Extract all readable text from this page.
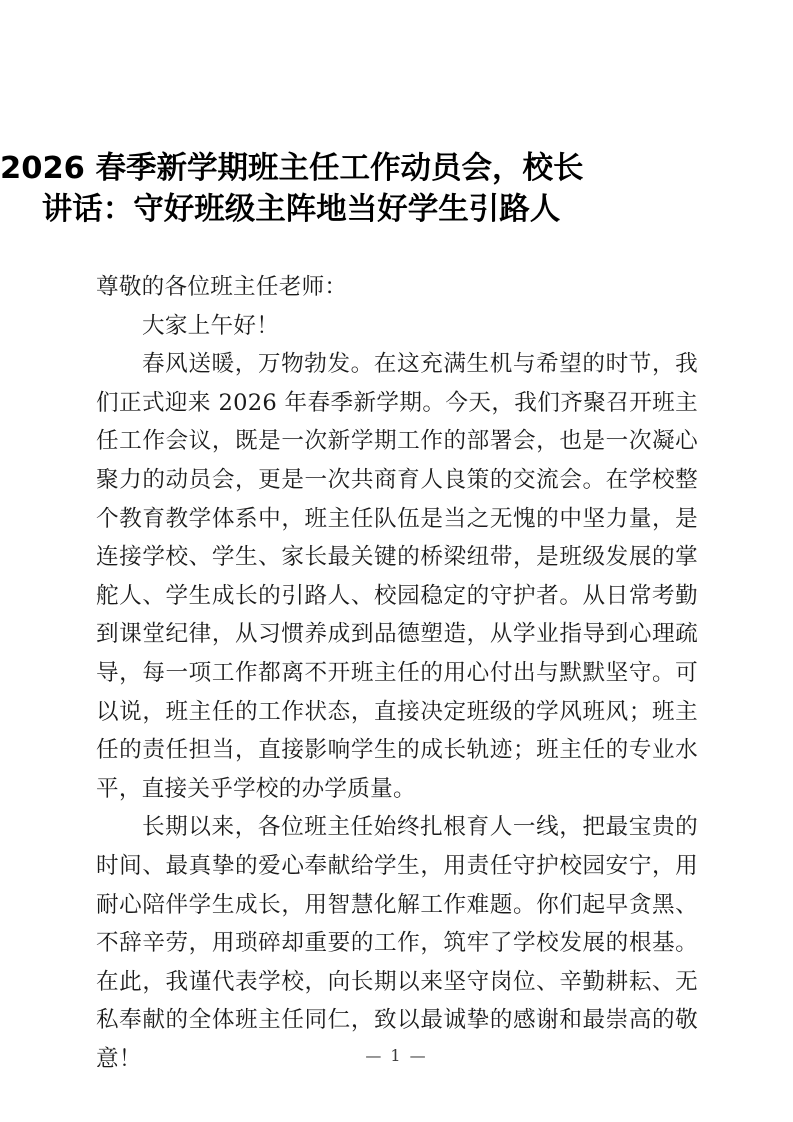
2026 春季新学期班主任工作动员会，校长
讲话：守好班级主阵地当好学生引路人

尊敬的各位班主任老师：

大家上午好！

春风送暖，万物勃发。在这充满生机与希望的时节，我们正式迎来 2026 年春季新学期。今天，我们齐聚召开班主任工作会议，既是一次新学期工作的部署会，也是一次凝心聚力的动员会，更是一次共商育人良策的交流会。在学校整个教育教学体系中，班主任队伍是当之无愧的中坚力量，是连接学校、学生、家长最关键的桥梁纽带，是班级发展的掌舵人、学生成长的引路人、校园稳定的守护者。从日常考勤到课堂纪律，从习惯养成到品德塑造，从学业指导到心理疏导，每一项工作都离不开班主任的用心付出与默默坚守。可以说，班主任的工作状态，直接决定班级的学风班风；班主任的责任担当，直接影响学生的成长轨迹；班主任的专业水平，直接关乎学校的办学质量。

长期以来，各位班主任始终扎根育人一线，把最宝贵的时间、最真挚的爱心奉献给学生，用责任守护校园安宁，用耐心陪伴学生成长，用智慧化解工作难题。你们起早贪黑、不辞辛劳，用琐碎却重要的工作，筑牢了学校发展的根基。在此，我谨代表学校，向长期以来坚守岗位、辛勤耕耘、无私奉献的全体班主任同仁，致以最诚挚的感谢和最崇高的敬意！	— 1 —
